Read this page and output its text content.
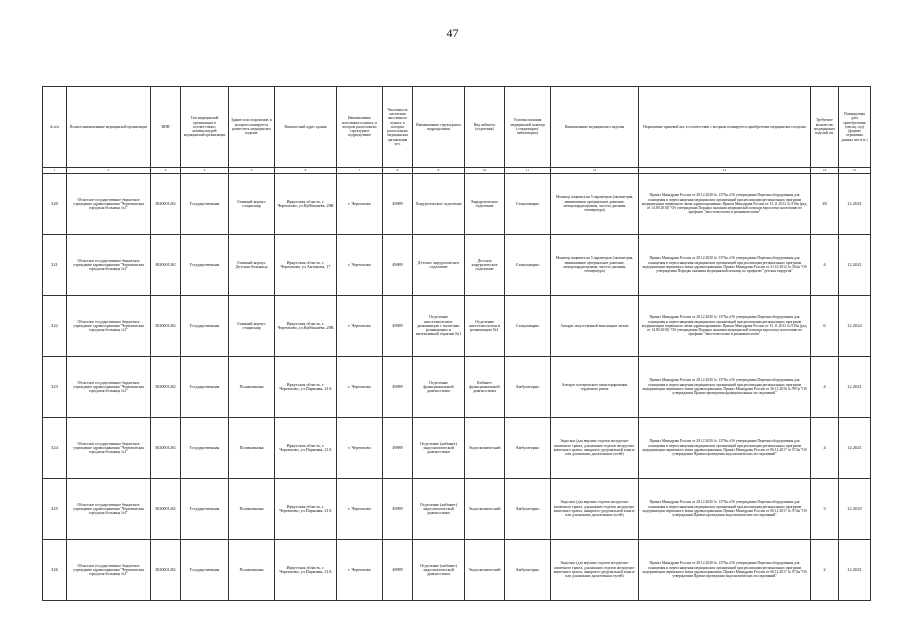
47
№ п/п	Полное наименование медицинской организации	ИНН	Тип медицинской организации в соответствии с номенклатурой медицинской организации	Здание или сооружение, в котором планируется разместить медицинское изделие	Фактический адрес здания	Наименование населенного пункта, в котором расположено структурное подразделение	Численность населения населенного пункта, в котором расположено медицинская организация чел.	Наименование структурного подразделения	Вид кабинета (отделения)	Условия оказания медицинской помощи (стационарно/амбулаторно)	Наименование медицинского изделия	Нормативно-правовой акт, в соответствии с которым планируется приобретение медицинского изделия	Требуемое количество медицинских изделий шт.	Планируемая дата приобретения (месяц, год) (формат отражения данных мм гггг.)
1	2	3	4	5	6	7	8	9	10	11	12	13	14	15
320	Областное государственное бюджетное учреждение здравоохранения "Черемховская городская больница №1"	3820001261	Государственная	Главный корпус стационар	Иркутская область, г. Черемхово, ул.Куйбышева, 28В	г. Черемхово	49889	Хирургическое отделение	Хирургическое отделение	Стационарно	Монитор пациента на 5 параметров (оксиметрия, неинвазивное артериальное давление, электрокардиограмма, частота дыхания, температура)	Приказ Минздрава России от 28.12.2020 № 1379н «Об утверждении Перечня оборудования для оснащения и переоснащения медицинских организаций при реализации региональных программ модернизации первичного звена здравоохранения» Приказ Минздрава России от 15.11.2012 № 919н (ред. от 14.09.2018) "Об утверждении Порядка оказания медицинской помощи взрослому населению по профилю "анестезиология и реаниматология"	20	12.2021
321	Областное государственное бюджетное учреждение здравоохранения "Черемховская городская больница №1"	3820001261	Государственная	Главный корпус Детская больница	Иркутская область, г. Черемхово, ул.Антонова, 17	г. Черемхово	49889	Детское хирургическое отделение	Детское хирургическое отделение	Стационарно	Монитор пациента на 5 параметров (оксиметрия, неинвазивное артериальное давление, электрокардиограмма, частота дыхания, температура)	Приказ Минздрава России от 28.12.2020 № 1379н «Об утверждении Перечня оборудования для оснащения и переоснащения медицинских организаций при реализации региональных программ модернизации первичного звена здравоохранения» Приказ Минздрава России от 31.10.2012 № 562н "Об утверждении Порядка оказания медицинской помощи по профилю "детская хирургия"	4	12.2021
322	Областное государственное бюджетное учреждение здравоохранения "Черемховская городская больница №1"	3820001261	Государственная	Главный корпус стационар	Иркутская область, г. Черемхово, ул.Куйбышева, 28В	г. Черемхово	49889	Отделение анестезиологии-реанимации с палатами реанимации и интенсивной терапии №1	Отделение анестезиологии и реанимации №1	Стационарно	Аппарат искусственной вентиляции легких	Приказ Минздрава России от 28.12.2020 № 1379н «Об утверждении Перечня оборудования для оснащения и переоснащения медицинских организаций при реализации региональных программ модернизации первичного звена здравоохранения» Приказ Минздрава России от 15.11.2012 № 919н (ред. от 14.09.2018) "Об утверждении Порядка оказания медицинской помощи взрослому населению по профилю "анестезиология и реаниматология"	6	12.2022
323	Областное государственное бюджетное учреждение здравоохранения "Черемховская городская больница №1"	3820001261	Государственная	Поликлиника	Иркутская область, г. Черемхово, ул.Парковая, 21А	г. Черемхово	49889	Отделение функциональной диагностики	Кабинет функциональной диагностики	Амбулаторно	Аппарат холтеровского мониторирования сердечного ритма	Приказ Минздрава России от 28.12.2020 № 1379н «Об утверждении Перечня оборудования для оснащения и переоснащения медицинских организаций при реализации региональных программ модернизации первичного звена здравоохранения» Приказ Минздрава России от 26.12.2016 № 997н "Об утверждении Правил проведения функциональных исследований"	4	12.2021
324	Областное государственное бюджетное учреждение здравоохранения "Черемховская городская больница №1"	3820001261	Государственная	Поликлиника	Иркутская область, г. Черемхово, ул.Парковая, 21А	г. Черемхово	49889	Отделение (кабинет) эндоскопической диагностики	Эндоскопический	Амбулаторно	Эндоскоп (для верхних отделов желудочно-кишечного тракта, для нижних отделов желудочно-кишечного тракта, панкреато-дуоденальной зоны и/или для нижних дыхательных путей)	Приказ Минздрава России от 28.12.2020 № 1379н «Об утверждении Перечня оборудования для оснащения и переоснащения медицинских организаций при реализации региональных программ модернизации первичного звена здравоохранения» Приказ Минздрава России от 06.12.2017 № 974н "Об утверждении Правил проведения эндоскопических исследований"	4	12.2021
325	Областное государственное бюджетное учреждение здравоохранения "Черемховская городская больница №1"	3820001261	Государственная	Поликлиника	Иркутская область, г. Черемхово, ул.Парковая, 21А	г. Черемхово	49889	Отделение (кабинет) эндоскопической диагностики	Эндоскопический	Амбулаторно	Эндоскоп (для верхних отделов желудочно-кишечного тракта, для нижних отделов желудочно-кишечного тракта, панкреато-дуоденальной зоны и/или для нижних дыхательных путей)	Приказ Минздрава России от 28.12.2020 № 1379н «Об утверждении Перечня оборудования для оснащения и переоснащения медицинских организаций при реализации региональных программ модернизации первичного звена здравоохранения» Приказ Минздрава России от 06.12.2017 № 974н "Об утверждении Правил проведения эндоскопических исследований"	3	12.2025
326	Областное государственное бюджетное учреждение здравоохранения "Черемховская городская больница №1"	3820001261	Государственная	Поликлиника	Иркутская область, г. Черемхово, ул.Парковая, 21А	г. Черемхово	49889	Отделение (кабинет) эндоскопической диагностики	Эндоскопический	Амбулаторно	Эндоскоп (для верхних отделов желудочно-кишечного тракта, для нижних отделов желудочно-кишечного тракта, панкреато-дуоденальной зоны и/или для нижних дыхательных путей)	Приказ Минздрава России от 28.12.2020 № 1379н «Об утверждении Перечня оборудования для оснащения и переоснащения медицинских организаций при реализации региональных программ модернизации первичного звена здравоохранения» Приказ Минздрава России от 06.12.2017 № 974н "Об утверждении Правил проведения эндоскопических исследований"	2	12.2021
